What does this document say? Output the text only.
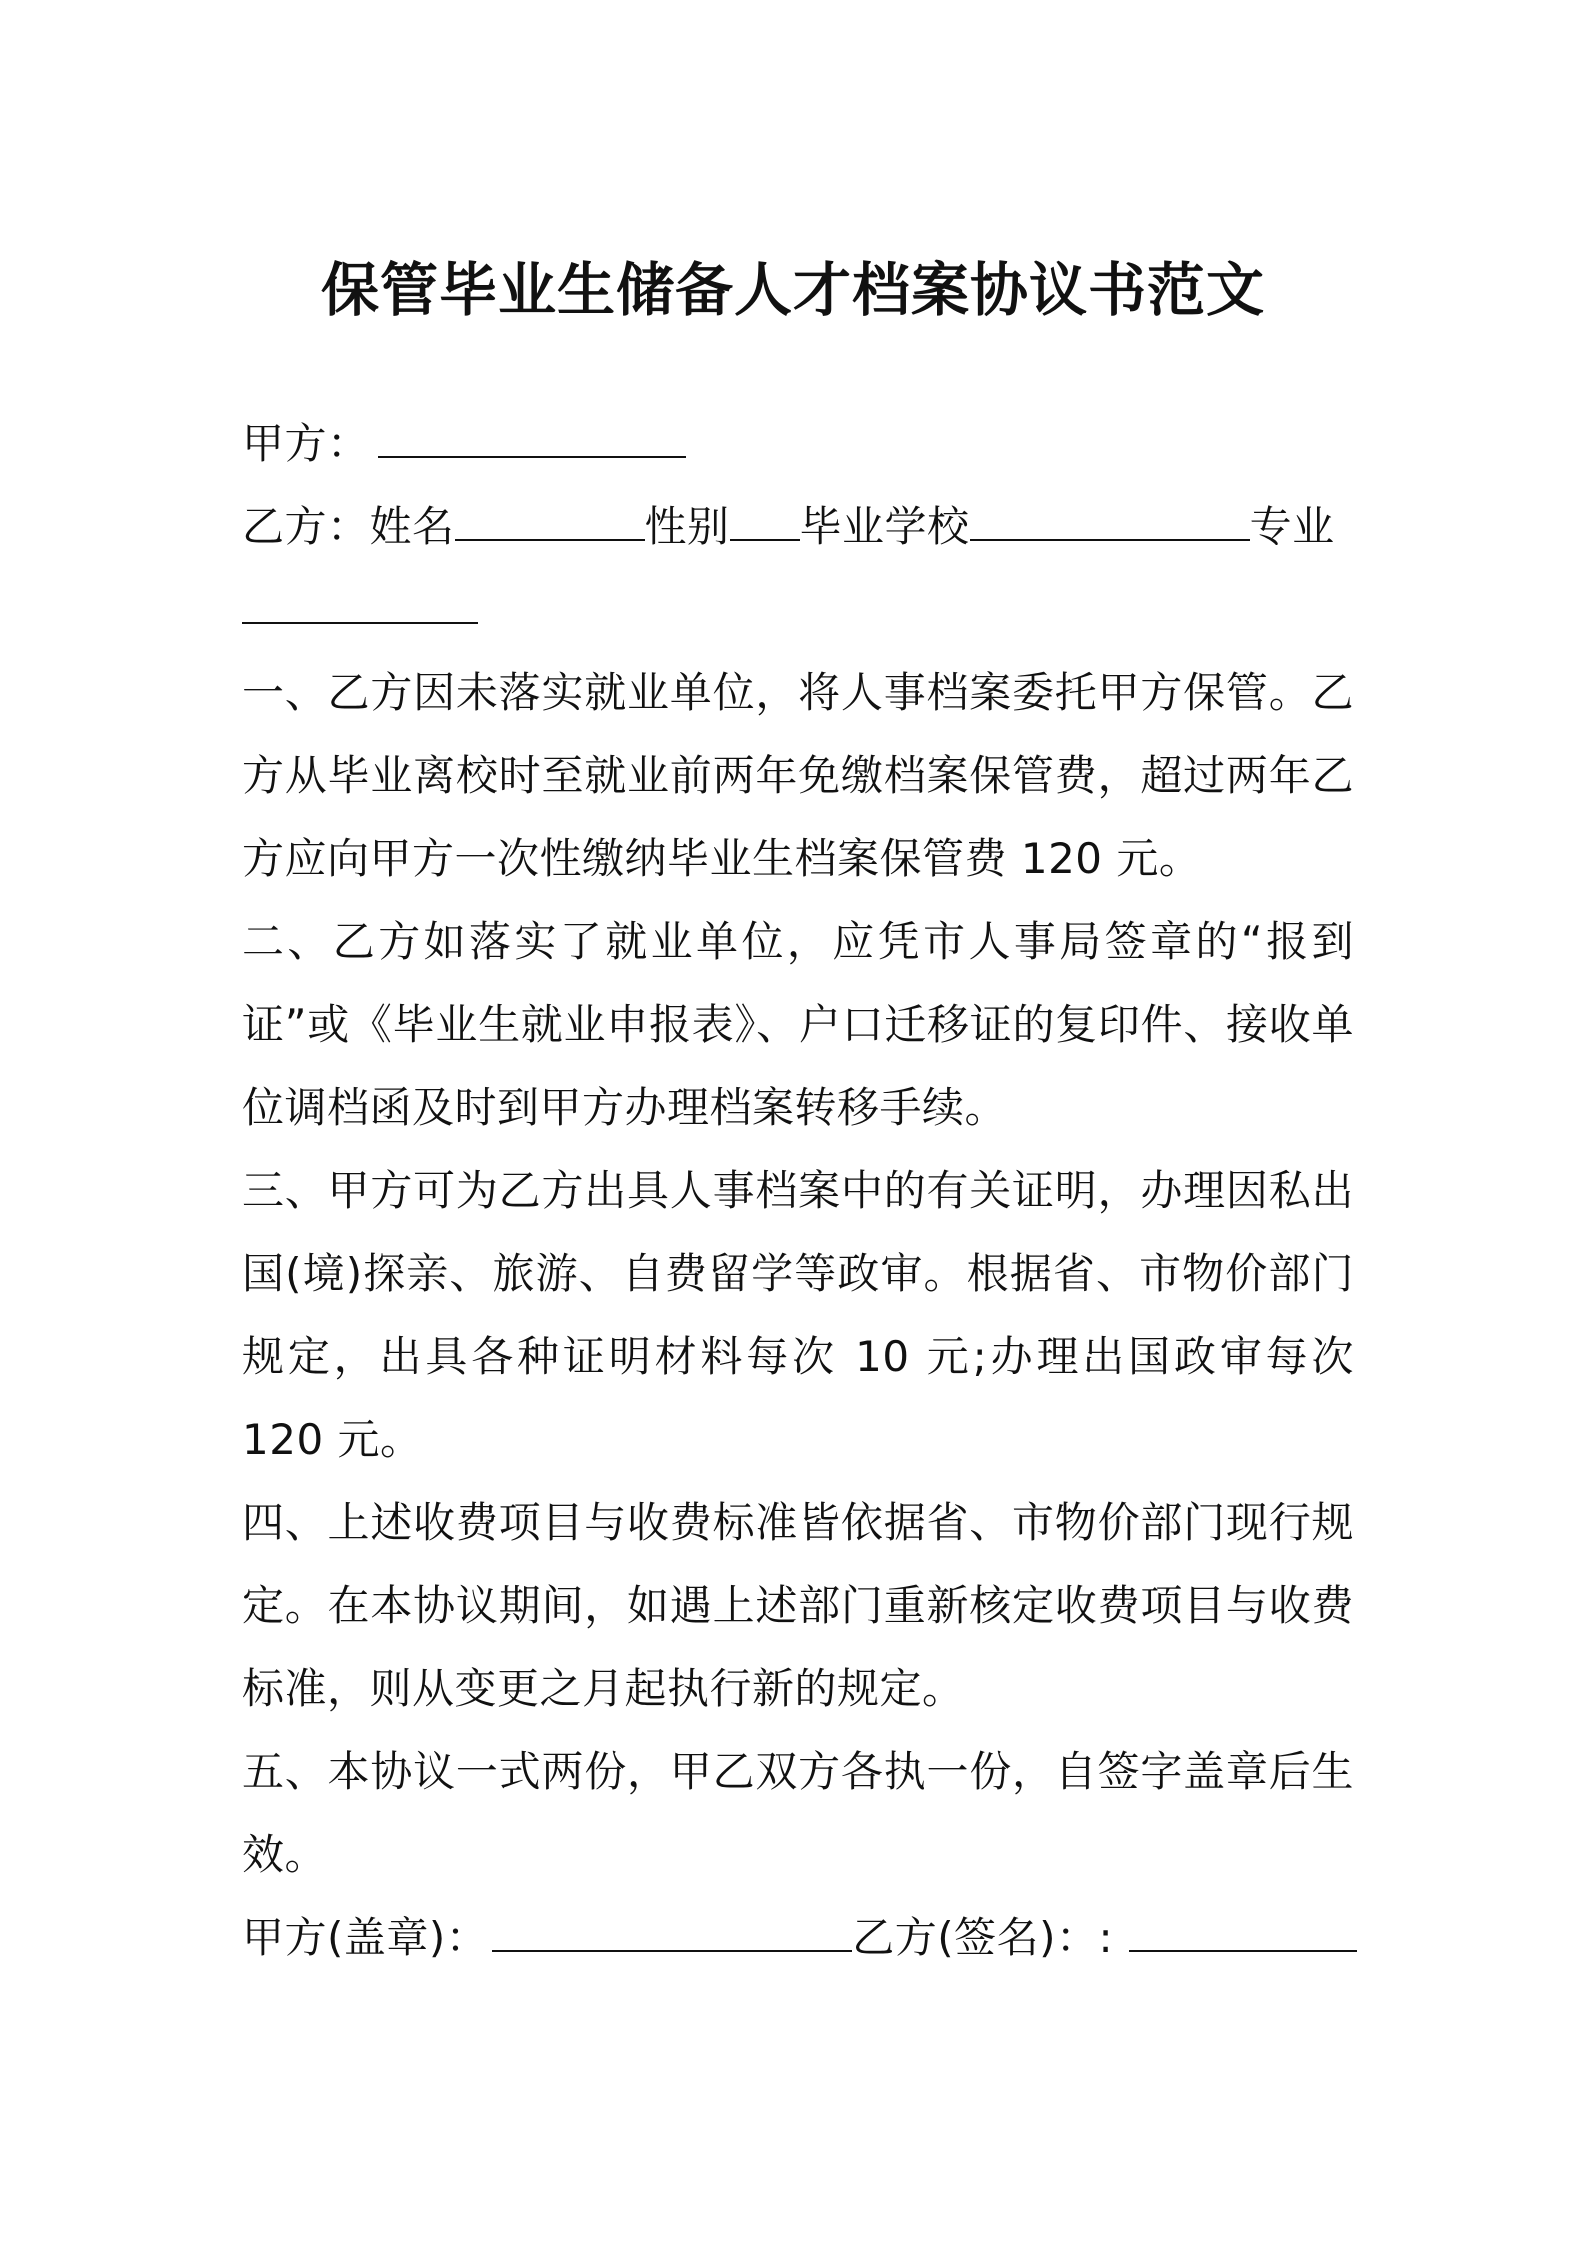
保管毕业生储备人才档案协议书范文
甲方：
乙方：姓名	性别 毕业学校	专业
一、乙方因未落实就业单位，将人事档案委托甲方保管。乙方从毕业离校时至就业前两年免缴档案保管费，超过两年乙方应向甲方一次性缴纳毕业生档案保管费 120 元。
二、乙方如落实了就业单位，应凭市人事局签章的“报到证”或《毕业生就业申报表》、户口迁移证的复印件、接收单位调档函及时到甲方办理档案转移手续。
三、甲方可为乙方出具人事档案中的有关证明，办理因私出国(境)探亲、旅游、自费留学等政审。根据省、市物价部门规定，出具各种证明材料每次 10 元;办理出国政审每次 120 元。
四、上述收费项目与收费标准皆依据省、市物价部门现行规定。在本协议期间，如遇上述部门重新核定收费项目与收费标准，则从变更之月起执行新的规定。
五、本协议一式两份，甲乙双方各执一份，自签字盖章后生效。
甲方(盖章)：	乙方(签名)：:
